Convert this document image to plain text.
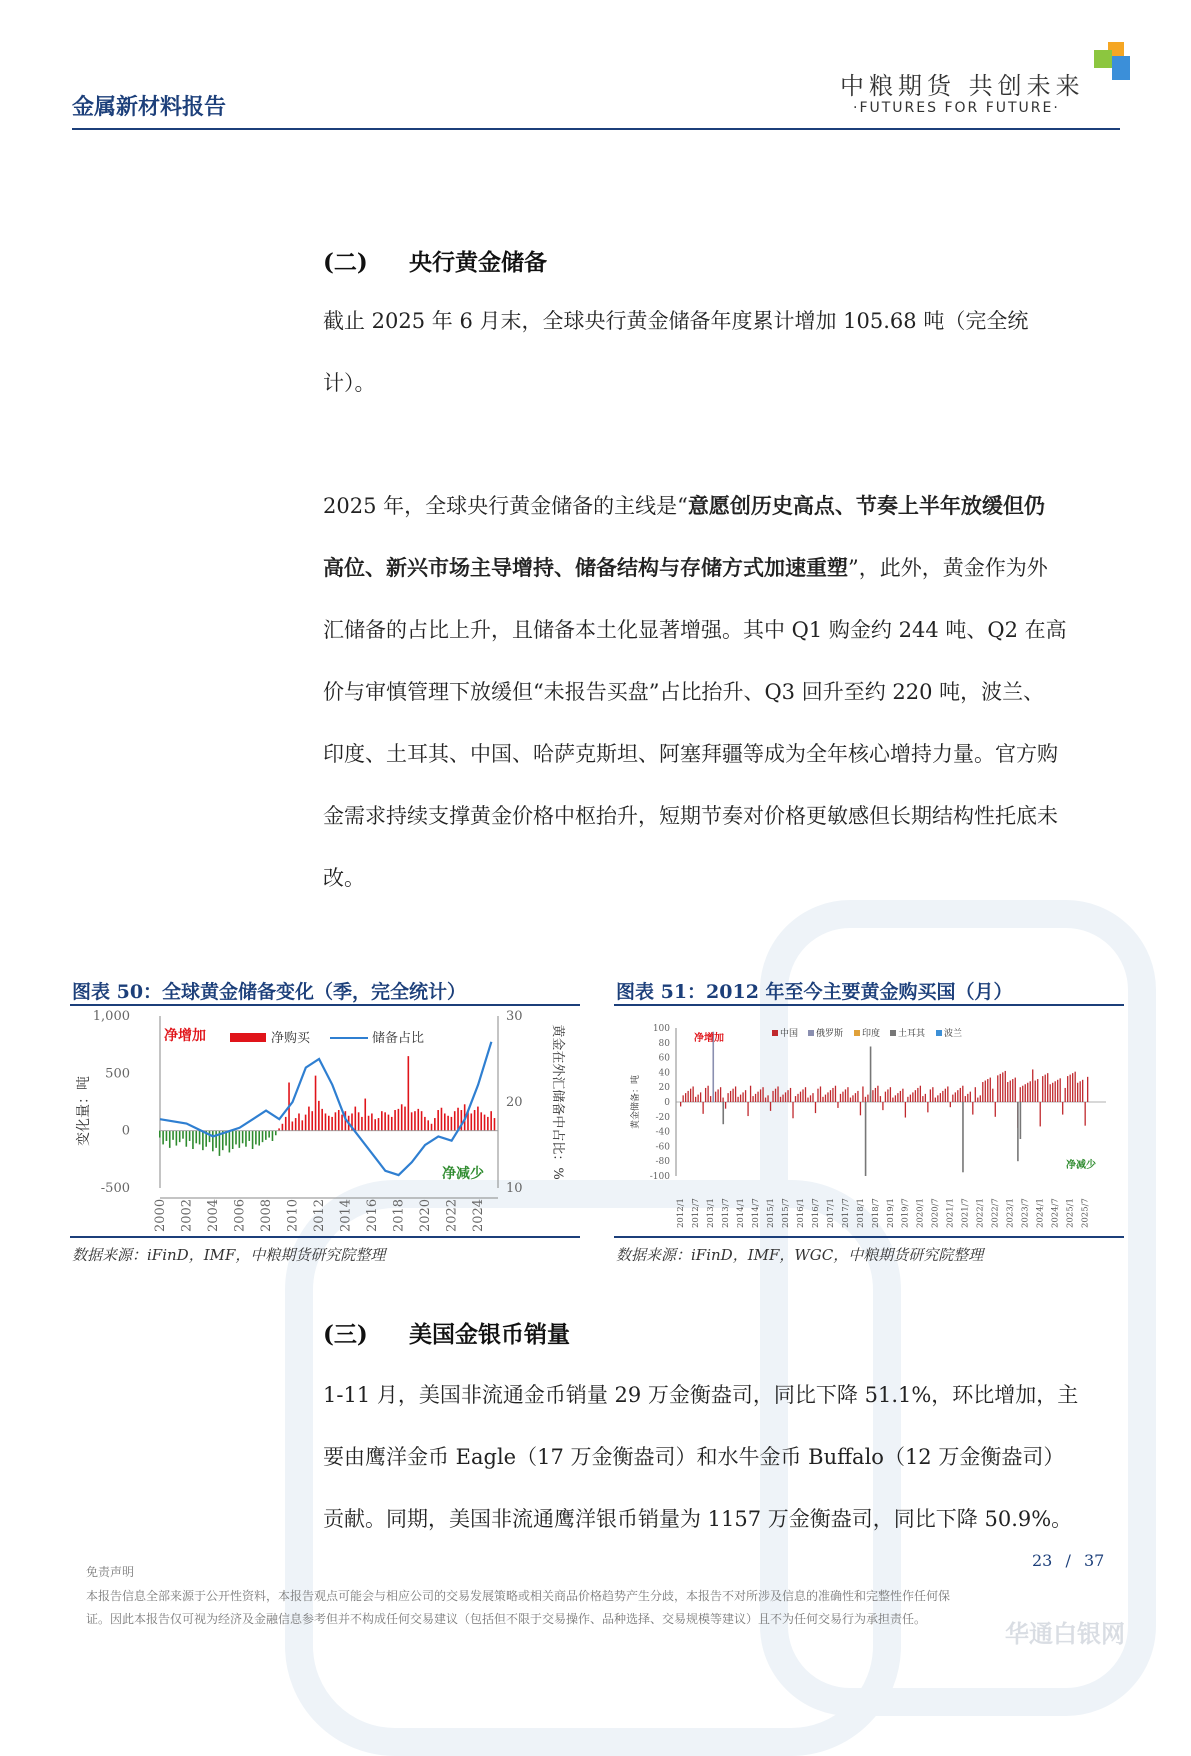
金属新材料报告
中粮期货 共创未来
·FUTURES FOR FUTURE·
(二) 央行黄金储备
截止 2025 年 6 月末，全球央行黄金储备年度累计增加 105.68 吨（完全统
计）。
2025 年，全球央行黄金储备的主线是“意愿创历史高点、节奏上半年放缓但仍
高位、新兴市场主导增持、储备结构与存储方式加速重塑”，此外，黄金作为外
汇储备的占比上升，且储备本土化显著增强。其中 Q1 购金约 244 吨、Q2 在高
价与审慎管理下放缓但“未报告买盘”占比抬升、Q3 回升至约 220 吨，波兰、
印度、土耳其、中国、哈萨克斯坦、阿塞拜疆等成为全年核心增持力量。官方购
金需求持续支撑黄金价格中枢抬升，短期节奏对价格更敏感但长期结构性托底未
改。
图表 50：全球黄金储备变化（季，完全统计）
1,000
500
0
-500
30
20
10
2000 2002 2004 2006 2008 2010 2012 2014 2016 2018 2020 2022 2024
变化量：吨	黄金在外汇储备中占比：%
净购买	储备占比
净增加
净减少
数据来源：iFinD，IMF，中粮期货研究院整理
图表 51：2012 年至今主要黄金购买国（月）
100
80
60
40
20
0
-20
-40
-60
-80
-100
2012/1 2012/7 2013/1 2013/7 2014/1 2014/7 2015/1 2015/7 2016/1 2016/7 2017/1 2017/7 2018/1 2018/7 2019/1 2019/7 2020/1 2020/7 2021/1 2021/7 2022/1 2022/7 2023/1 2023/7 2024/1 2024/7 2025/1 2025/7
黄金储备：吨
净增加
净减少
中国 俄罗斯 印度 土耳其 波兰
数据来源：iFinD，IMF，WGC，中粮期货研究院整理
(三) 美国金银币销量
1-11 月，美国非流通金币销量 29 万金衡盎司，同比下降 51.1%，环比增加，主
要由鹰洋金币 Eagle（17 万金衡盎司）和水牛金币 Buffalo（12 万金衡盎司）
贡献。同期，美国非流通鹰洋银币销量为 1157 万金衡盎司，同比下降 50.9%。
23 / 37
免责声明
本报告信息全部来源于公开性资料，本报告观点可能会与相应公司的交易发展策略或相关商品价格趋势产生分歧，本报告不对所涉及信息的准确性和完整性作任何保
证。因此本报告仅可视为经济及金融信息参考但并不构成任何交易建议（包括但不限于交易操作、品种选择、交易规模等建议）且不为任何交易行为承担责任。
华通白银网
